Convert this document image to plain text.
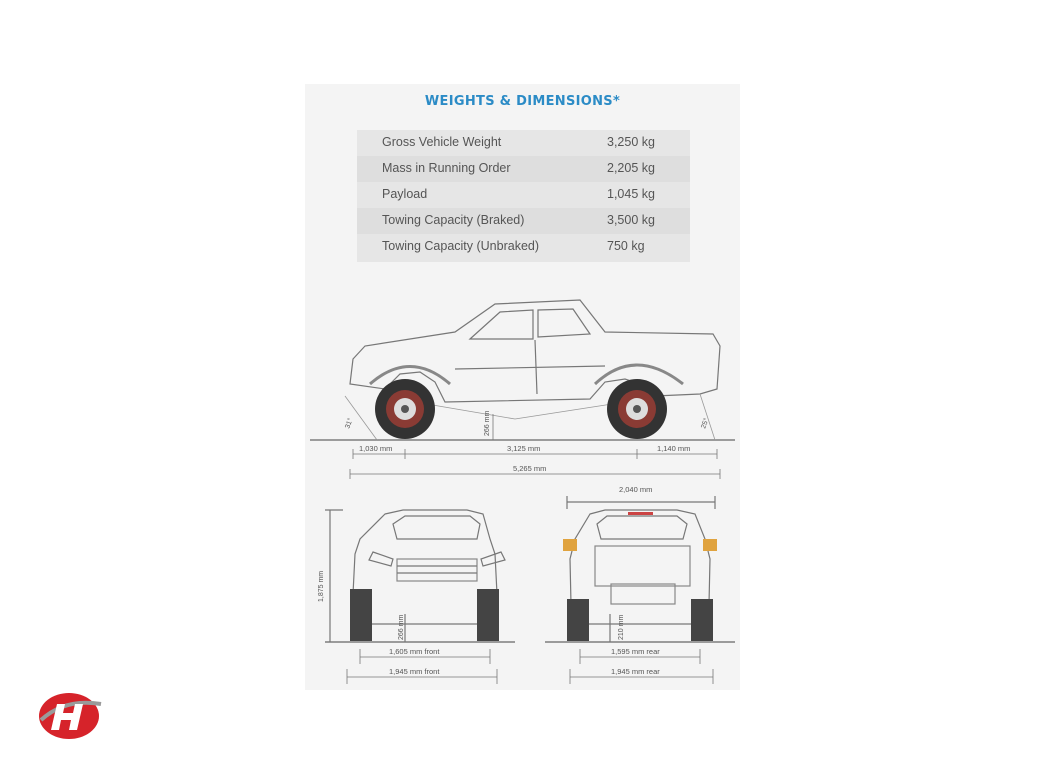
WEIGHTS & DIMENSIONS*
Gross Vehicle Weight	3,250 kg
Mass in Running Order	2,205 kg
Payload	1,045 kg
Towing Capacity (Braked)	3,500 kg
Towing Capacity (Unbraked)	750 kg
1,030 mm	3,125 mm	1,140 mm
5,265 mm
266 mm
31°	25°
1,875 mm
266 mm
1,605 mm front
1,945 mm front
2,040 mm
210 mm
1,595 mm rear
1,945 mm rear
